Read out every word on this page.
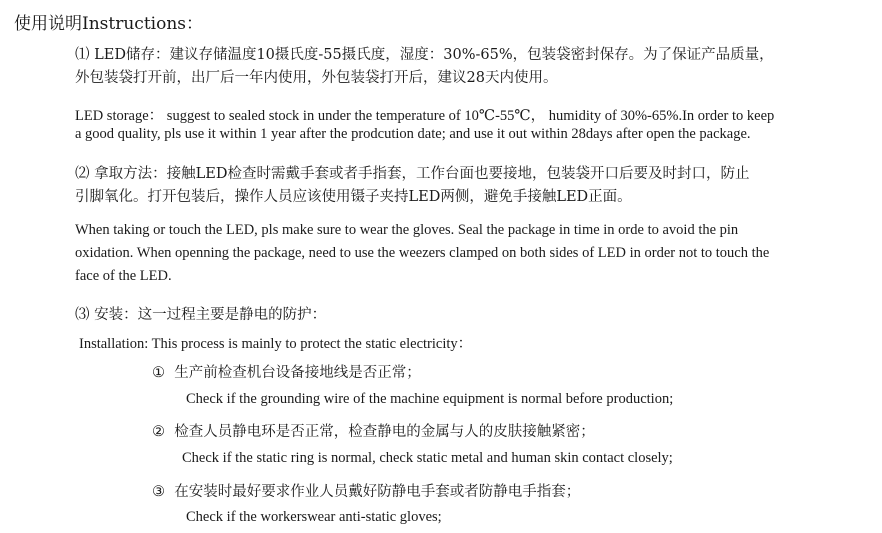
使用说明Instructions：
⑴ LED储存：建议存储温度10摄氏度-55摄氏度，湿度：30%-65%，包装袋密封保存。为了保证产品质量，
外包装袋打开前，出厂后一年内使用，外包装袋打开后，建议28天内使用。
LED storage： suggest to sealed stock in under the temperature of 10℃-55℃， humidity of 30%-65%.In order to keep
a good quality, pls use it within 1 year after the prodcution date; and use it out within 28days after open the package.
⑵ 拿取方法：接触LED检查时需戴手套或者手指套，工作台面也要接地，包装袋开口后要及时封口，防止
引脚氧化。打开包装后，操作人员应该使用镊子夹持LED两侧，避免手接触LED正面。
When taking or touch the LED, pls make sure to wear the gloves. Seal the package in time in orde to avoid the pin
oxidation. When openning the package, need to use the weezers clamped on both sides of LED in order not to touch the
face of the LED.
⑶ 安装：这一过程主要是静电的防护：
Installation: This process is mainly to protect the static electricity：
① 生产前检查机台设备接地线是否正常；
Check if the grounding wire of the machine equipment is normal before production;
② 检查人员静电环是否正常，检查静电的金属与人的皮肤接触紧密；
Check if the static ring is normal, check static metal and human skin contact closely;
③ 在安装时最好要求作业人员戴好防静电手套或者防静电手指套；
Check if the workerswear anti-static gloves;
